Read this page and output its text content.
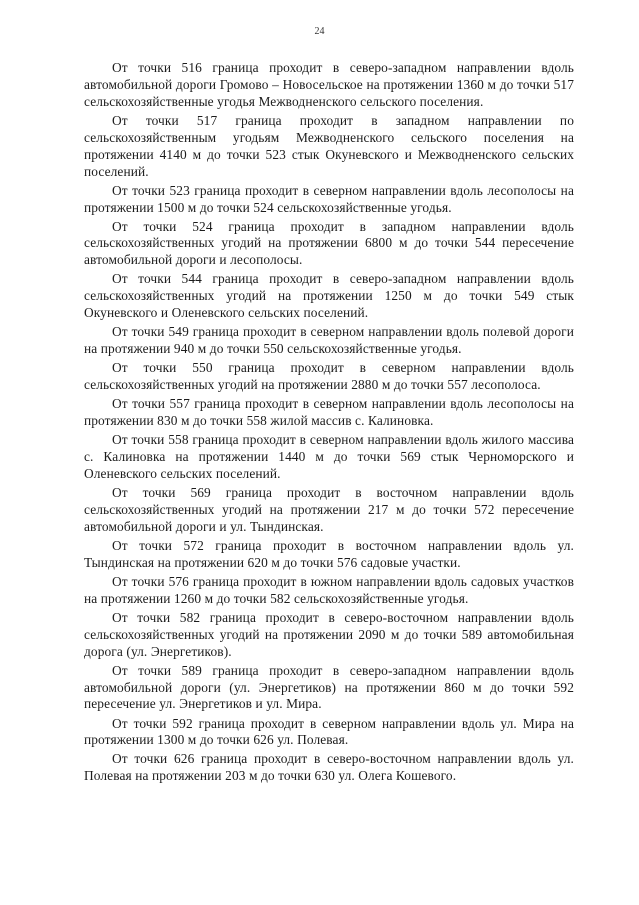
24

От точки 516 граница проходит в северо-западном направлении вдоль автомобильной дороги Громово – Новосельское на протяжении 1360 м до точки 517 сельскохозяйственные угодья Межводненского сельского поселения.

От точки 517 граница проходит в западном направлении по сельскохозяйственным угодьям Межводненского сельского поселения на протяжении 4140 м до точки 523 стык Окуневского и Межводненского сельских поселений.

От точки 523 граница проходит в северном направлении вдоль лесополосы на протяжении 1500 м до точки 524 сельскохозяйственные угодья.

От точки 524 граница проходит в западном направлении вдоль сельскохозяйственных угодий на протяжении 6800 м до точки 544 пересечение автомобильной дороги и лесополосы.

От точки 544 граница проходит в северо-западном направлении вдоль сельскохозяйственных угодий на протяжении 1250 м до точки 549 стык Окуневского и Оленевского сельских поселений.

От точки 549 граница проходит в северном направлении вдоль полевой дороги на протяжении 940 м до точки 550 сельскохозяйственные угодья.

От точки 550 граница проходит в северном направлении вдоль сельскохозяйственных угодий на протяжении 2880 м до точки 557 лесополоса.

От точки 557 граница проходит в северном направлении вдоль лесополосы на протяжении 830 м до точки 558 жилой массив с. Калиновка.

От точки 558 граница проходит в северном направлении вдоль жилого массива с. Калиновка на протяжении 1440 м до точки 569 стык Черноморского и Оленевского сельских поселений.

От точки 569 граница проходит в восточном направлении вдоль сельскохозяйственных угодий на протяжении 217 м до точки 572 пересечение автомобильной дороги и ул. Тындинская.

От точки 572 граница проходит в восточном направлении вдоль ул. Тындинская на протяжении 620 м до точки 576 садовые участки.

От точки 576 граница проходит в южном направлении вдоль садовых участков на протяжении 1260 м до точки 582 сельскохозяйственные угодья.

От точки 582 граница проходит в северо-восточном направлении вдоль сельскохозяйственных угодий на протяжении 2090 м до точки 589 автомобильная дорога (ул. Энергетиков).

От точки 589 граница проходит в северо-западном направлении вдоль автомобильной дороги (ул. Энергетиков) на протяжении 860 м до точки 592 пересечение ул. Энергетиков и ул. Мира.

От точки 592 граница проходит в северном направлении вдоль ул. Мира на протяжении 1300 м до точки 626 ул. Полевая.

От точки 626 граница проходит в северо-восточном направлении вдоль ул. Полевая на протяжении 203 м до точки 630 ул. Олега Кошевого.
